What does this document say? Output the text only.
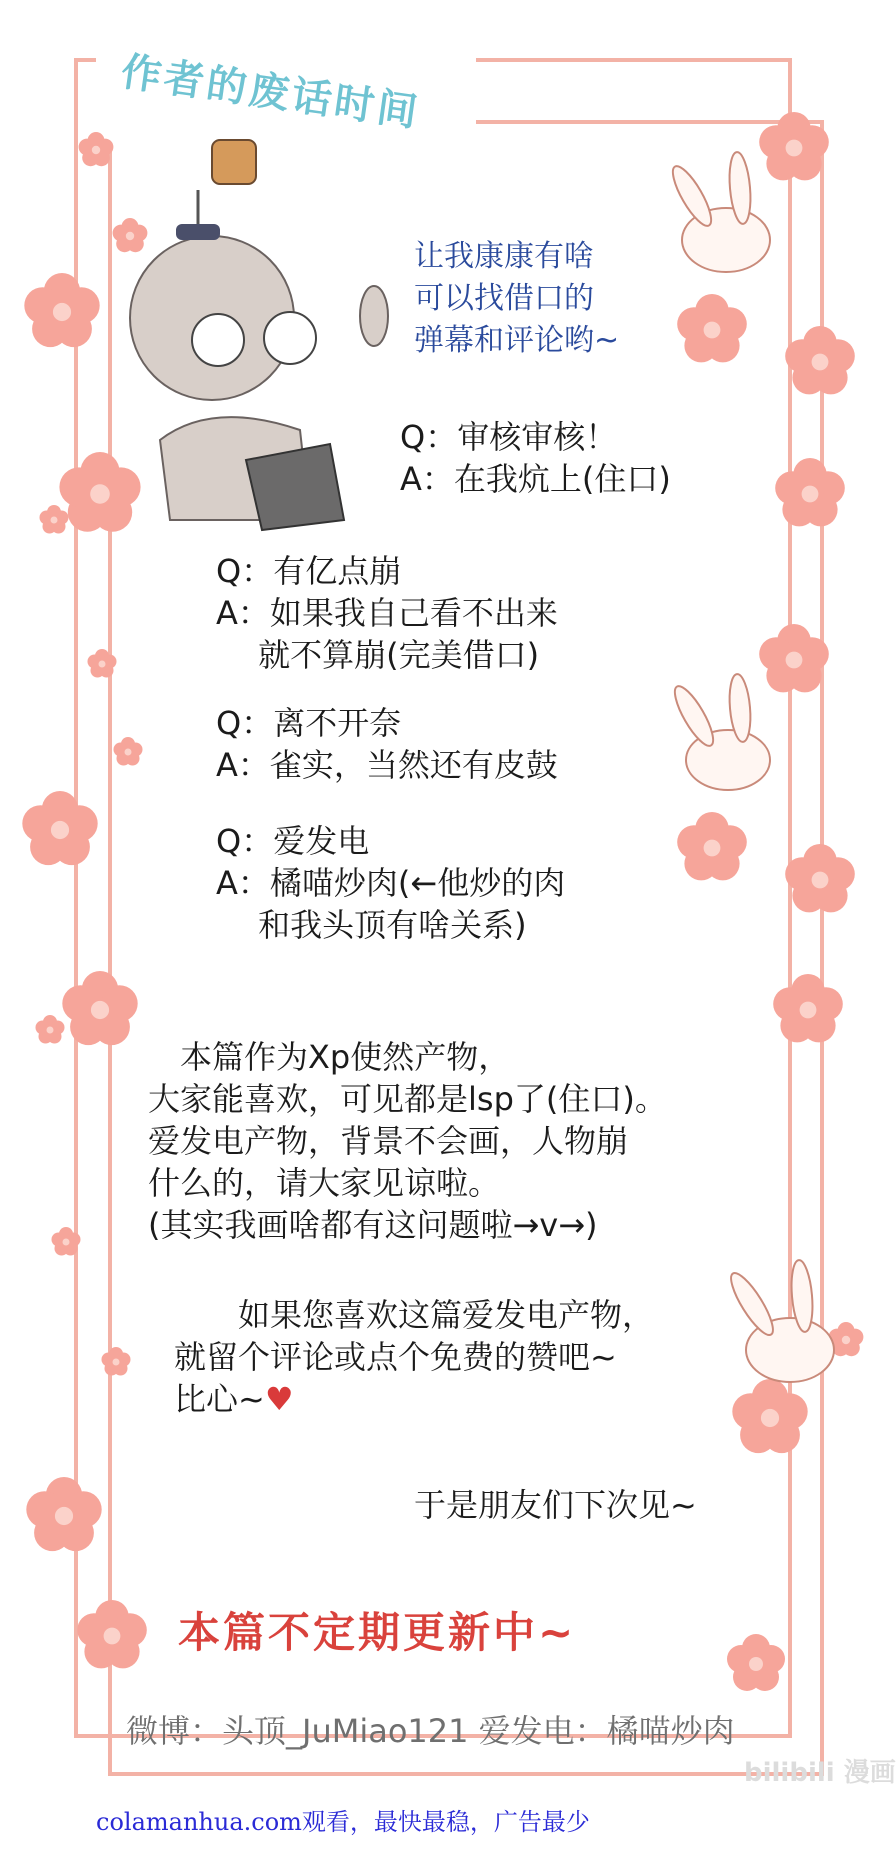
作者的废话时间
让我康康有啥
可以找借口的
弹幕和评论哟~
Q：审核审核！
A：在我炕上(住口)
Q：有亿点崩
A：如果我自己看不出来
　 就不算崩(完美借口)
Q：离不开奈
A：雀实，当然还有皮鼓
Q：爱发电
A：橘喵炒肉(←他炒的肉
　 和我头顶有啥关系)
　本篇作为Xp使然产物，
大家能喜欢，可见都是lsp了(住口)。
爱发电产物，背景不会画，人物崩
什么的，请大家见谅啦。
(其实我画啥都有这问题啦→v→)
　　如果您喜欢这篇爱发电产物，
就留个评论或点个免费的赞吧~
比心~♥
于是朋友们下次见~
本篇不定期更新中~
微博：头顶_JuMiao121 爱发电：橘喵炒肉
bilibili 漫画
colamanhua.com观看，最快最稳，广告最少
